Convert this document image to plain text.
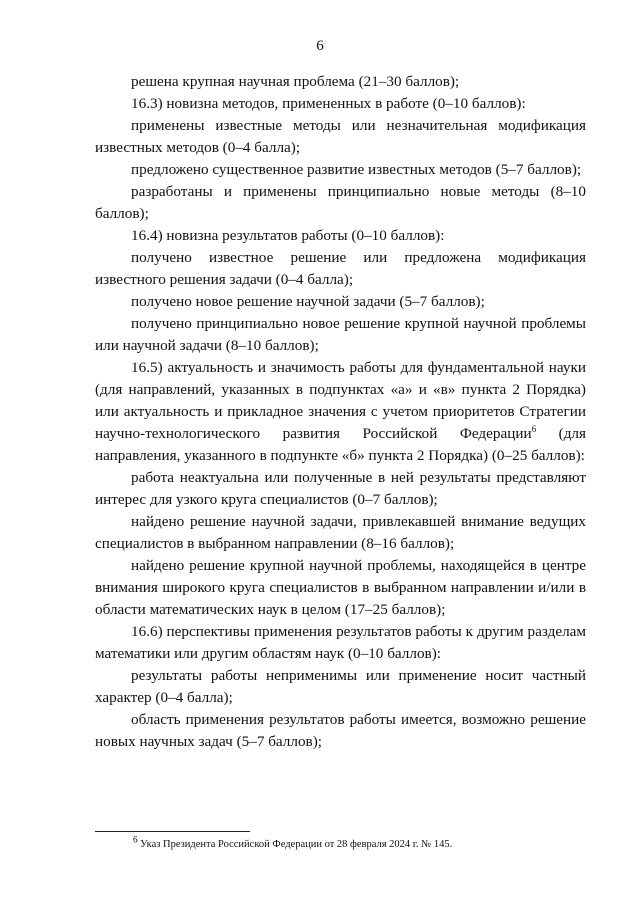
6

решена крупная научная проблема (21–30 баллов);

16.3) новизна методов, примененных в работе (0–10 баллов):

применены известные методы или незначительная модификация известных методов (0–4 балла);

предложено существенное развитие известных методов (5–7 баллов);

разработаны и применены принципиально новые методы (8–10 баллов);

16.4) новизна результатов работы (0–10 баллов):

получено известное решение или предложена модификация известного решения задачи (0–4 балла);

получено новое решение научной задачи (5–7 баллов);

получено принципиально новое решение крупной научной проблемы или научной задачи (8–10 баллов);

16.5) актуальность и значимость работы для фундаментальной науки (для направлений, указанных в подпунктах «а» и «в» пункта 2 Порядка) или актуальность и прикладное значения с учетом приоритетов Стратегии научно-технологического развития Российской Федерации$^6$ (для направления, указанного в подпункте «б» пункта 2 Порядка) (0–25 баллов):

работа неактуальна или полученные в ней результаты представляют интерес для узкого круга специалистов (0–7 баллов);

найдено решение научной задачи, привлекавшей внимание ведущих специалистов в выбранном направлении (8–16 баллов);

найдено решение крупной научной проблемы, находящейся в центре внимания широкого круга специалистов в выбранном направлении и/или в области математических наук в целом (17–25 баллов);

16.6) перспективы применения результатов работы к другим разделам математики или другим областям наук (0–10 баллов):

результаты работы неприменимы или применение носит частный характер (0–4 балла);

область применения результатов работы имеется, возможно решение новых научных задач (5–7 баллов);

6 Указ Президента Российской Федерации от 28 февраля 2024 г. № 145.
